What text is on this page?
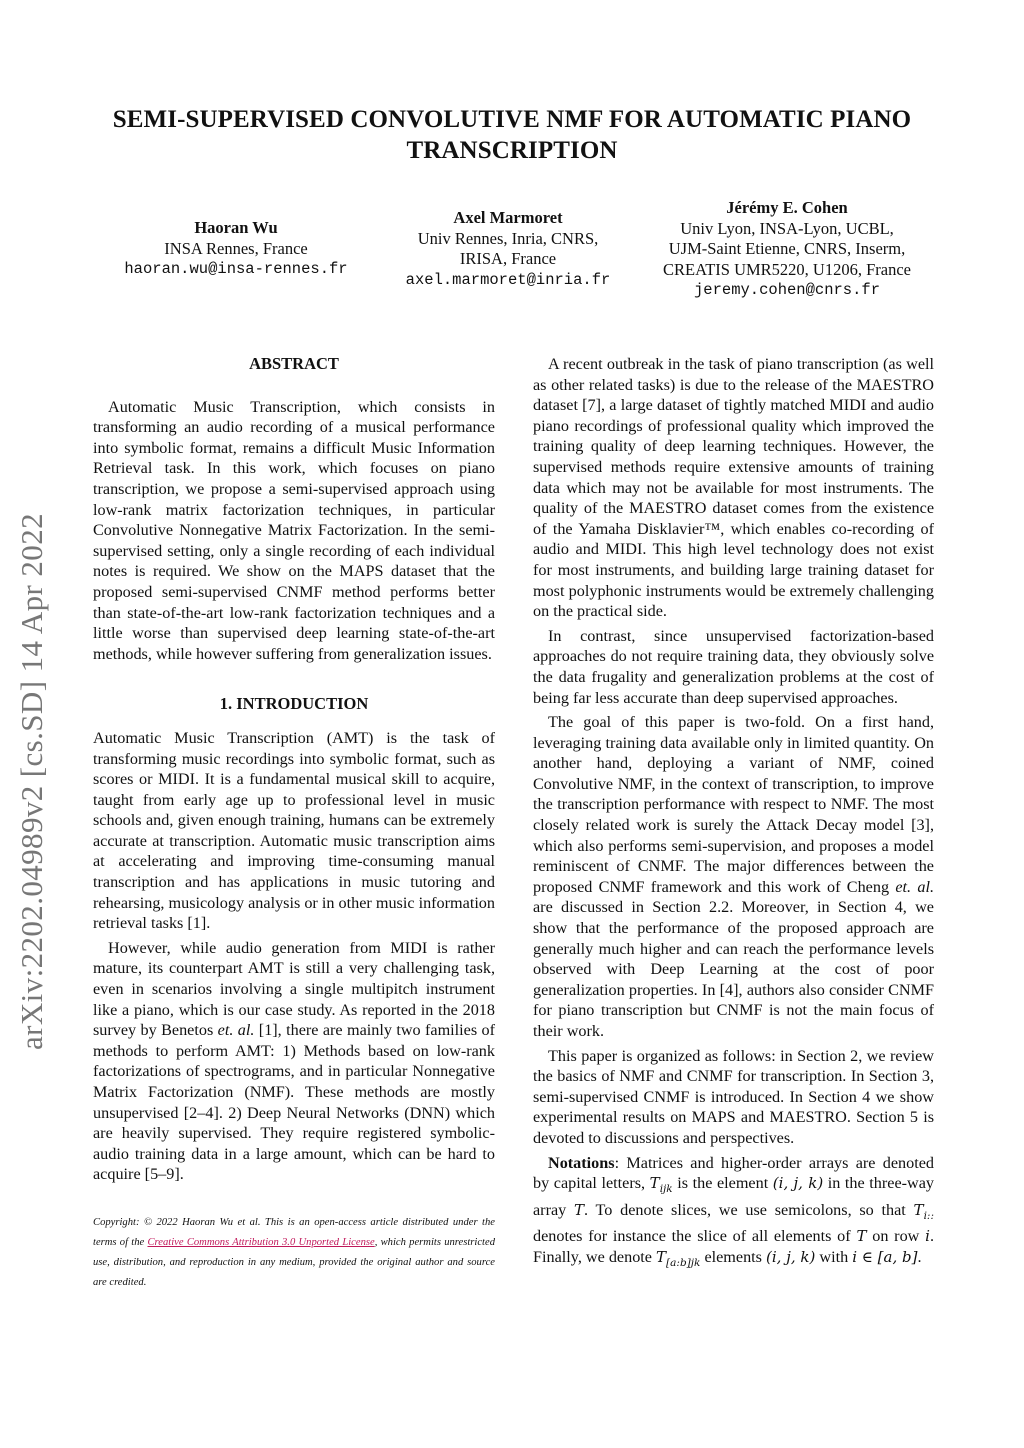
arXiv:2202.04989v2 [cs.SD] 14 Apr 2022
SEMI-SUPERVISED CONVOLUTIVE NMF FOR AUTOMATIC PIANO
TRANSCRIPTION
Haoran Wu
INSA Rennes, France
haoran.wu@insa-rennes.fr
Axel Marmoret
Univ Rennes, Inria, CNRS,
IRISA, France
axel.marmoret@inria.fr
Jérémy E. Cohen
Univ Lyon, INSA-Lyon, UCBL,
UJM-Saint Etienne, CNRS, Inserm,
CREATIS UMR5220, U1206, France
jeremy.cohen@cnrs.fr
ABSTRACT

Automatic Music Transcription, which consists in transforming an audio recording of a musical performance into symbolic format, remains a difficult Music Information Retrieval task. In this work, which focuses on piano transcription, we propose a semi-supervised approach using low-rank matrix factorization techniques, in particular Convolutive Nonnegative Matrix Factorization. In the semi-supervised setting, only a single recording of each individual notes is required. We show on the MAPS dataset that the proposed semi-supervised CNMF method performs better than state-of-the-art low-rank factorization techniques and a little worse than supervised deep learning state-of-the-art methods, while however suffering from generalization issues.

1. INTRODUCTION

Automatic Music Transcription (AMT) is the task of transforming music recordings into symbolic format, such as scores or MIDI. It is a fundamental musical skill to acquire, taught from early age up to professional level in music schools and, given enough training, humans can be extremely accurate at transcription. Automatic music transcription aims at accelerating and improving time-consuming manual transcription and has applications in music tutoring and rehearsing, musicology analysis or in other music information retrieval tasks [1].

However, while audio generation from MIDI is rather mature, its counterpart AMT is still a very challenging task, even in scenarios involving a single multipitch instrument like a piano, which is our case study. As reported in the 2018 survey by Benetos et. al. [1], there are mainly two families of methods to perform AMT: 1) Methods based on low-rank factorizations of spectrograms, and in particular Nonnegative Matrix Factorization (NMF). These methods are mostly unsupervised [2–4]. 2) Deep Neural Networks (DNN) which are heavily supervised. They require registered symbolic-audio training data in a large amount, which can be hard to acquire [5–9].

Copyright: © 2022 Haoran Wu et al. This is an open-access article distributed under the terms of the Creative Commons Attribution 3.0 Unported License, which permits unrestricted use, distribution, and reproduction in any medium, provided the original author and source are credited.

A recent outbreak in the task of piano transcription (as well as other related tasks) is due to the release of the MAESTRO dataset [7], a large dataset of tightly matched MIDI and audio piano recordings of professional quality which improved the training quality of deep learning techniques. However, the supervised methods require extensive amounts of training data which may not be available for most instruments. The quality of the MAESTRO dataset comes from the existence of the Yamaha Disklavier™, which enables co-recording of audio and MIDI. This high level technology does not exist for most instruments, and building large training dataset for most polyphonic instruments would be extremely challenging on the practical side.

In contrast, since unsupervised factorization-based approaches do not require training data, they obviously solve the data frugality and generalization problems at the cost of being far less accurate than deep supervised approaches.

The goal of this paper is two-fold. On a first hand, leveraging training data available only in limited quantity. On another hand, deploying a variant of NMF, coined Convolutive NMF, in the context of transcription, to improve the transcription performance with respect to NMF. The most closely related work is surely the Attack Decay model [3], which also performs semi-supervision, and proposes a model reminiscent of CNMF. The major differences between the proposed CNMF framework and this work of Cheng et. al. are discussed in Section 2.2. Moreover, in Section 4, we show that the performance of the proposed approach are generally much higher and can reach the performance levels observed with Deep Learning at the cost of poor generalization properties. In [4], authors also consider CNMF for piano transcription but CNMF is not the main focus of their work.

This paper is organized as follows: in Section 2, we review the basics of NMF and CNMF for transcription. In Section 3, semi-supervised CNMF is introduced. In Section 4 we show experimental results on MAPS and MAESTRO. Section 5 is devoted to discussions and perspectives.

Notations: Matrices and higher-order arrays are denoted by capital letters, $T_{ijk}$ is the element (i, j, k) in the three-way array T. To denote slices, we use semicolons, so that $T_{i::}$ denotes for instance the slice of all elements of T on row i. Finally, we denote $T_{[a:b]jk}$ elements (i, j, k) with i ∈ [a, b].
